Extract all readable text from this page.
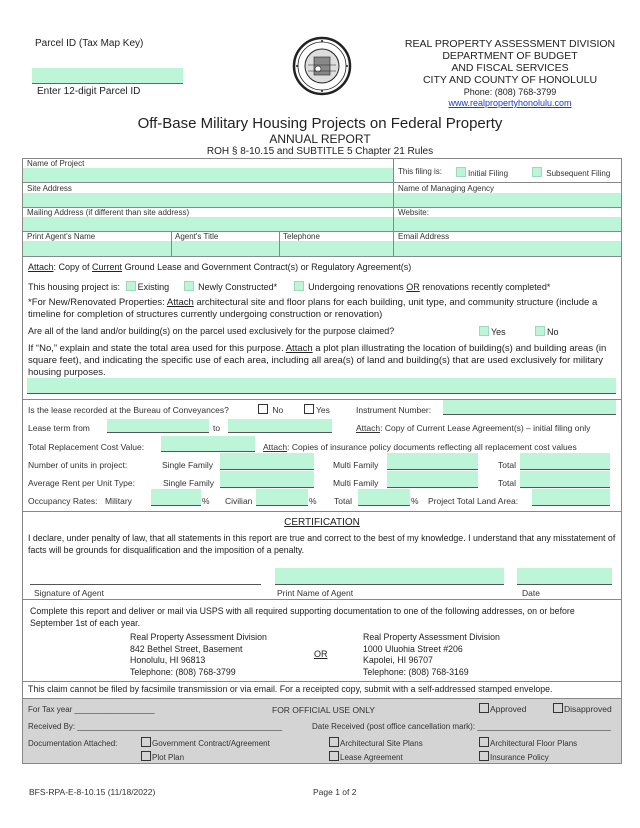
Parcel ID (Tax Map Key)
Enter 12-digit Parcel ID
REAL PROPERTY ASSESSMENT DIVISION
DEPARTMENT OF BUDGET
AND FISCAL SERVICES
CITY AND COUNTY OF HONOLULU
Phone: (808) 768-3799
www.realpropertyhonolulu.com
Off-Base Military Housing Projects on Federal Property
ANNUAL REPORT
ROH § 8-10.15 and SUBTITLE 5 Chapter 21 Rules
Name of Project
This filing is:	Initial Filing	Subsequent Filing
Site Address	Name of Managing Agency
Mailing Address (if different than site address)	Website:
Print Agent's Name	Agent's Title	Telephone	Email Address
Attach: Copy of Current Ground Lease and Government Contract(s) or Regulatory Agreement(s)
This housing project is: Existing	Newly Constructed*	Undergoing renovations OR renovations recently completed*
*For New/Renovated Properties: Attach architectural site and floor plans for each building, unit type, and community structure (include a timeline for completion of structures currently undergoing construction or renovation)
Are all of the land and/or building(s) on the parcel used exclusively for the purpose claimed?	Yes	No
If “No,” explain and state the total area used for this purpose. Attach a plot plan illustrating the location of building(s) and building areas (in square feet), and indicating the specific use of each area, including all area(s) of land and building(s) that are used exclusively for military housing purposes.
Is the lease recorded at the Bureau of Conveyances?	No	Yes	Instrument Number:
Lease term from	to	Attach: Copy of Current Lease Agreement(s) – initial filing only
Total Replacement Cost Value:	Attach: Copies of insurance policy documents reflecting all replacement cost values
Number of units in project:	Single Family	Multi Family	Total
Average Rent per Unit Type:	Single Family	Multi Family	Total
Occupancy Rates: Military	% Civilian	% Total	% Project Total Land Area:
CERTIFICATION
I declare, under penalty of law, that all statements in this report are true and correct to the best of my knowledge. I understand that any misstatement of facts will be grounds for disqualification and the imposition of a penalty.
Signature of Agent	Print Name of Agent	Date
Complete this report and deliver or mail via USPS with all required supporting documentation to one of the following addresses, on or before September 1st of each year.
Real Property Assessment Division
842 Bethel Street, Basement
Honolulu, HI 96813
Telephone: (808) 768-3799
OR
Real Property Assessment Division
1000 Uluohia Street #206
Kapolei, HI 96707
Telephone: (808) 768-3169
This claim cannot be filed by facsimile transmission or via email. For a receipted copy, submit with a self-addressed stamped envelope.
For Tax year __________________	FOR OFFICIAL USE ONLY	Approved	Disapproved
Received By: ______________________________________________	Date Received (post office cancellation mark): ______________________________
Documentation Attached:	Government Contract/Agreement	Architectural Site Plans	Architectural Floor Plans
Plot Plan	Lease Agreement	Insurance Policy
BFS-RPA-E-8-10.15 (11/18/2022)	Page 1 of 2
